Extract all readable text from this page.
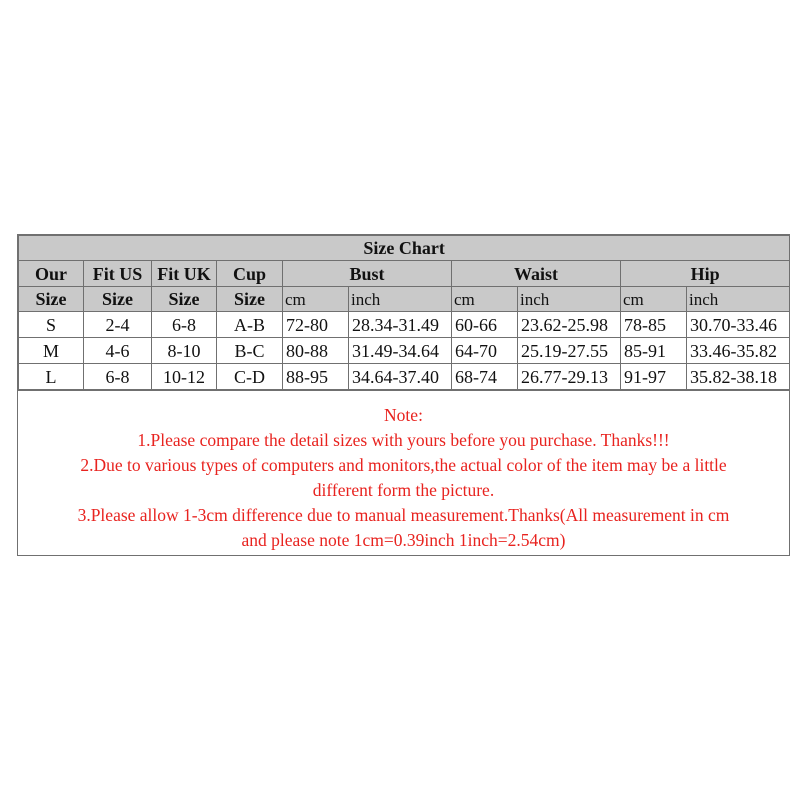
Size Chart									
Our	Fit US	Fit UK	Cup	Bust		Waist		Hip	
Size	Size	Size	Size	cm	inch	cm	inch	cm	inch
S	2-4	6-8	A-B	72-80	28.34-31.49	60-66	23.62-25.98	78-85	30.70-33.46
M	4-6	8-10	B-C	80-88	31.49-34.64	64-70	25.19-27.55	85-91	33.46-35.82
L	6-8	10-12	C-D	88-95	34.64-37.40	68-74	26.77-29.13	91-97	35.82-38.18
Note:
1.Please compare the detail sizes with yours before you purchase. Thanks!!!
2.Due to various types of computers and monitors,the actual color of the item may be a little
different form the picture.
3.Please allow 1-3cm difference due to manual measurement.Thanks(All measurement in cm
and please note 1cm=0.39inch 1inch=2.54cm)
